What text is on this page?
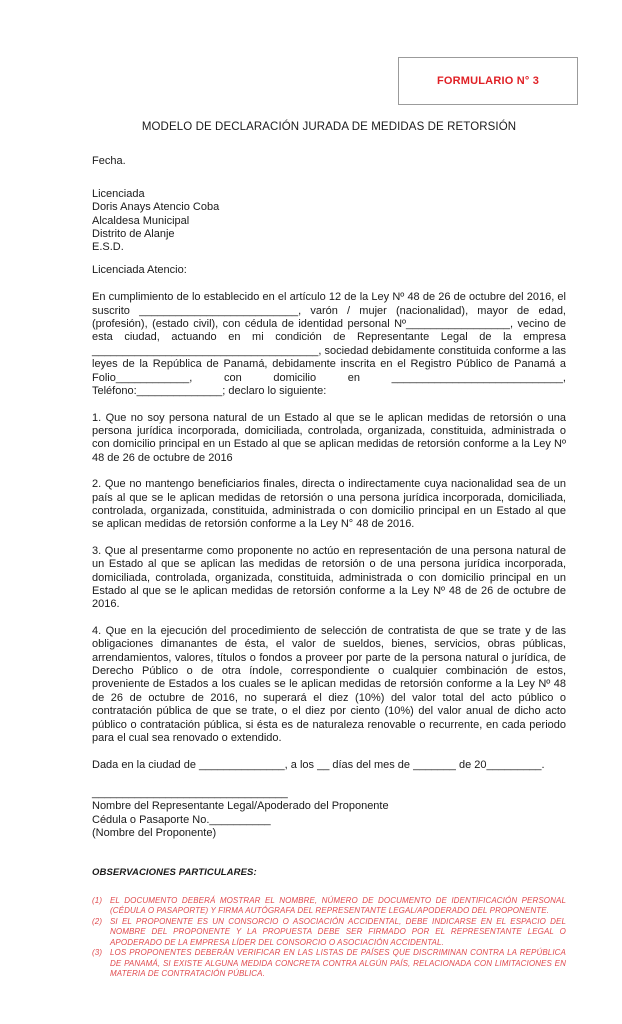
FORMULARIO N° 3
MODELO DE DECLARACIÓN JURADA DE MEDIDAS DE RETORSIÓN

Fecha.

Licenciada
Doris Anays Atencio Coba
Alcaldesa Municipal
Distrito de Alanje
E.S.D.

Licenciada Atencio:

En cumplimiento de lo establecido en el artículo 12 de la Ley Nº 48 de 26 de octubre del 2016, el suscrito __________________________, varón / mujer (nacionalidad), mayor de edad, (profesión), (estado civil), con cédula de identidad personal Nº_________________, vecino de esta ciudad, actuando en mi condición de Representante Legal de la empresa _____________________________________, sociedad debidamente constituida conforme a las leyes de la República de Panamá, debidamente inscrita en el Registro Público de Panamá a Folio____________, con domicilio en ____________________________, Teléfono:______________; declaro lo siguiente:

1. Que no soy persona natural de un Estado al que se le aplican medidas de retorsión o una persona jurídica incorporada, domiciliada, controlada, organizada, constituida, administrada o con domicilio principal en un Estado al que se aplican medidas de retorsión conforme a la Ley Nº 48 de 26 de octubre de 2016

2. Que no mantengo beneficiarios finales, directa o indirectamente cuya nacionalidad sea de un país al que se le aplican medidas de retorsión o una persona jurídica incorporada, domiciliada, controlada, organizada, constituida, administrada o con domicilio principal en un Estado al que se aplican medidas de retorsión conforme a la Ley N° 48 de 2016.

3. Que al presentarme como proponente no actúo en representación de una persona natural de un Estado al que se aplican las medidas de retorsión o de una persona jurídica incorporada, domiciliada, controlada, organizada, constituida, administrada o con domicilio principal en un Estado al que se le aplican medidas de retorsión conforme a la Ley Nº 48 de 26 de octubre de 2016.

4. Que en la ejecución del procedimiento de selección de contratista de que se trate y de las obligaciones dimanantes de ésta, el valor de sueldos, bienes, servicios, obras públicas, arrendamientos, valores, títulos o fondos a proveer por parte de la persona natural o jurídica, de Derecho Público o de otra índole, correspondiente o cualquier combinación de estos, proveniente de Estados a los cuales se le aplican medidas de retorsión conforme a la Ley Nº 48 de 26 de octubre de 2016, no superará el diez (10%) del valor total del acto público o contratación pública de que se trate, o el diez por ciento (10%) del valor anual de dicho acto público o contratación pública, si ésta es de naturaleza renovable o recurrente, en cada periodo para el cual sea renovado o extendido.

Dada en la ciudad de ______________, a los __ días del mes de _______ de 20_________.

________________________________
Nombre del Representante Legal/Apoderado del Proponente
Cédula o Pasaporte No.__________
(Nombre del Proponente)

OBSERVACIONES PARTICULARES:

(1) EL DOCUMENTO DEBERÁ MOSTRAR EL NOMBRE, NÚMERO DE DOCUMENTO DE IDENTIFICACIÓN PERSONAL (CÉDULA O PASAPORTE) Y FIRMA AUTÓGRAFA DEL REPRESENTANTE LEGAL/APODERADO DEL PROPONENTE.
(2) SI EL PROPONENTE ES UN CONSORCIO O ASOCIACIÓN ACCIDENTAL, DEBE INDICARSE EN EL ESPACIO DEL NOMBRE DEL PROPONENTE Y LA PROPUESTA DEBE SER FIRMADO POR EL REPRESENTANTE LEGAL O APODERADO DE LA EMPRESA LÍDER DEL CONSORCIO O ASOCIACIÓN ACCIDENTAL.
(3) LOS PROPONENTES DEBERÁN VERIFICAR EN LAS LISTAS DE PAÍSES QUE DISCRIMINAN CONTRA LA REPÚBLICA DE PANAMÁ, SI EXISTE ALGUNA MEDIDA CONCRETA CONTRA ALGÚN PAÍS, RELACIONADA CON LIMITACIONES EN MATERIA DE CONTRATACIÓN PÚBLICA.
